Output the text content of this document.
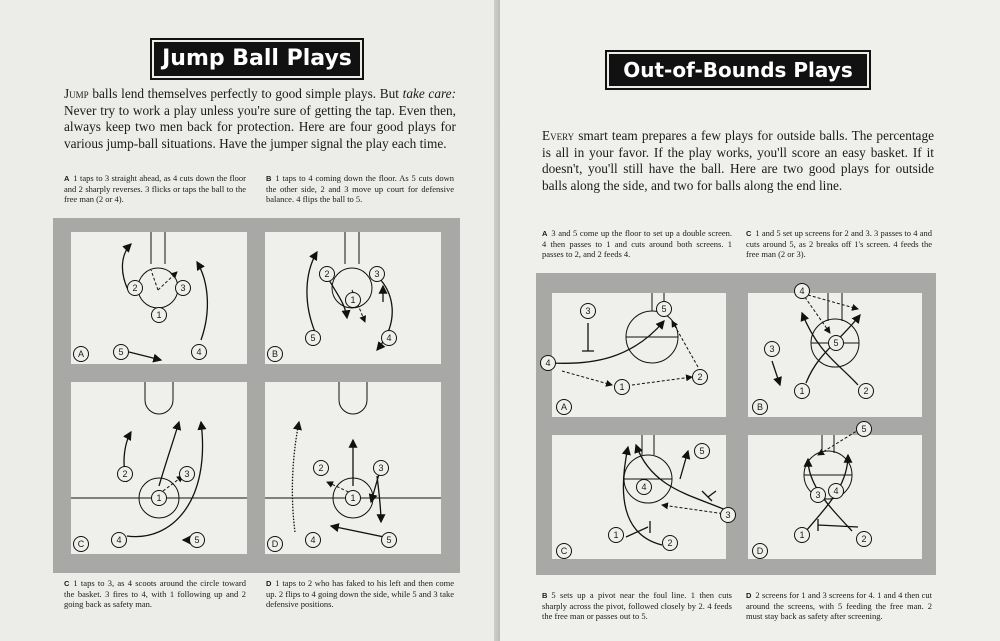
Jump Ball Plays
Jump balls lend themselves perfectly to good simple plays. But take care: Never try to work a play unless you're sure of getting the tap. Even then, always keep two men back for protection. Here are four good plays for various jump-ball situations. Have the jumper signal the play each time.
A 1 taps to 3 straight ahead, as 4 cuts down the floor and 2 sharply reverses. 3 flicks or taps the ball to the free man (2 or 4).
B 1 taps to 4 coming down the floor. As 5 cuts down the other side, 2 and 3 move up court for defensive balance. 4 flips the ball to 5.
1
2	3
4
5
A
1
2	3
4
5
B
1
2	3
4	5
C
1
2	3
4	5
D
C 1 taps to 3, as 4 scoots around the circle toward the basket. 3 fires to 4, with 1 following up and 2 going back as safety man.
D 1 taps to 2 who has faked to his left and then come up. 2 flips to 4 going down the side, while 5 and 3 take defensive positions.
Out-of-Bounds Plays
Every smart team prepares a few plays for outside balls. The percentage is all in your favor. If the play works, you'll score an easy basket. If it doesn't, you'll still have the ball. Here are two good plays for outside balls along the side, and two for balls along the end line.
A 3 and 5 come up the floor to set up a double screen. 4 then passes to 1 and cuts around both screens. 1 passes to 2, and 2 feeds 4.
C 1 and 5 set up screens for 2 and 3. 3 passes to 4 and cuts around 5, as 2 breaks off 1's screen. 4 feeds the free man (2 or 3).
3	5
4
1
2
A
4
5
3
1	2
B
4
5
3
1
2
C
5
3	4
1	2
D
B 5 sets up a pivot near the foul line. 1 then cuts sharply across the pivot, followed closely by 2. 4 feeds the free man or passes out to 5.
D 2 screens for 1 and 3 screens for 4. 1 and 4 then cut around the screens, with 5 feeding the free man. 2 must stay back as safety after screening.
